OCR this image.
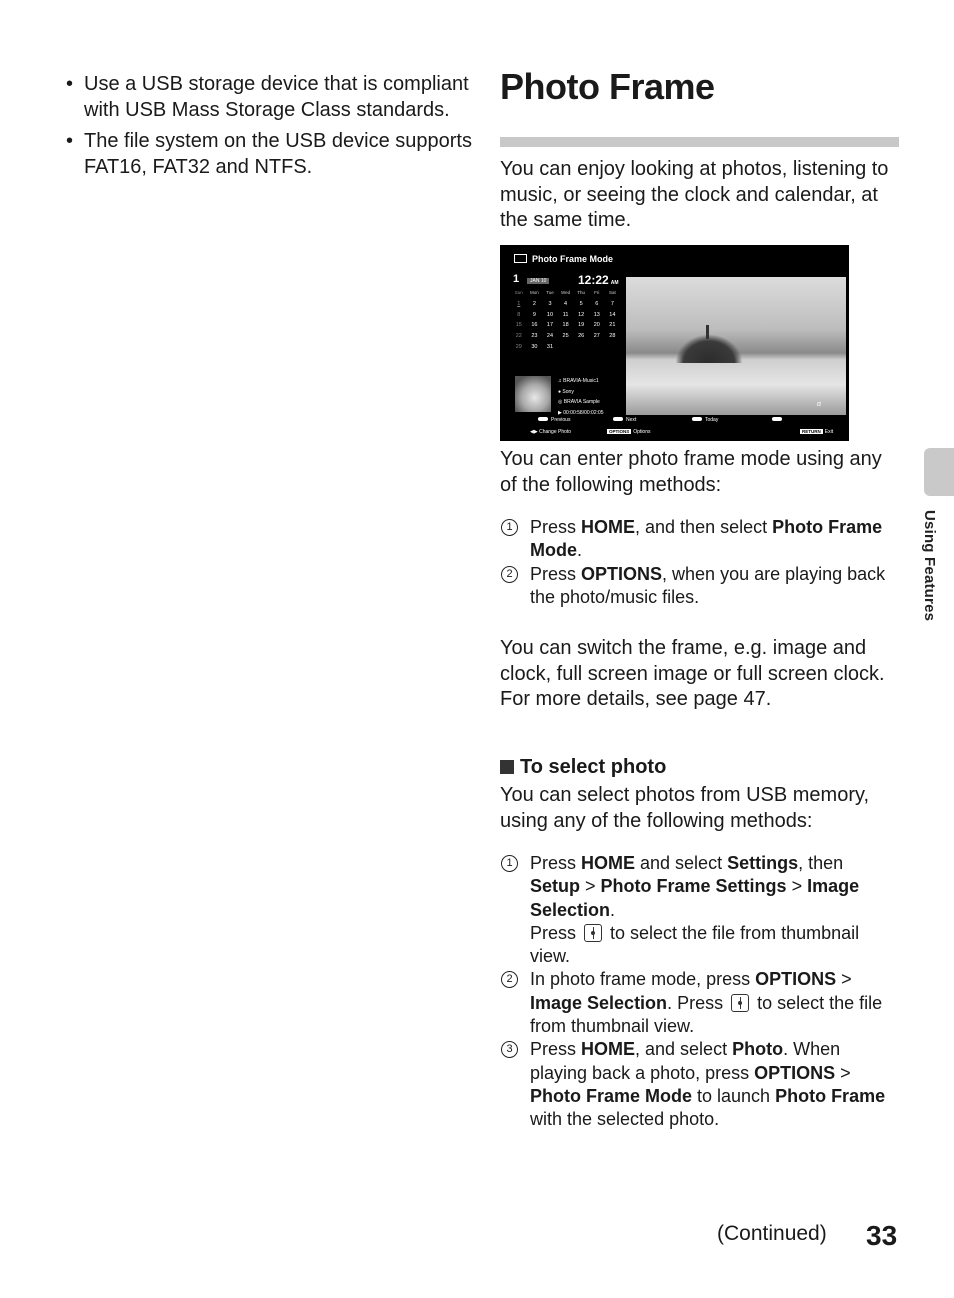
• Use a USB storage device that is compliant with USB Mass Storage Class standards.
• The file system on the USB device supports FAT16, FAT32 and NTFS.
Photo Frame
You can enjoy looking at photos, listening to music, or seeing the clock and calendar, at the same time.
Photo Frame Mode
1	JAN 10	12:22 AM
Sun	Mon	Tue	Wed	Thu	Fri	Sat
1	2	3	4	5	6	7
8	9	10	11	12	13	14
15	16	17	18	19	20	21
22	23	24	25	26	27	28
29	30	31
♫ BRAVIA-Music1
● Sony
◎ BRAVIA Sample
▶ 00:00:58/00:02:05
Previous	Next	Today
α
◀▶ Change Photo	OPTIONS Options	RETURN Exit
You can enter photo frame mode using any of the following methods:
1 Press HOME, and then select Photo Frame Mode.
2 Press OPTIONS, when you are playing back the photo/music files.
You can switch the frame, e.g. image and clock, full screen image or full screen clock.
For more details, see page 47.
To select photo
You can select photos from USB memory, using any of the following methods:
1 Press HOME and select Settings, then Setup > Photo Frame Settings > Image Selection.
Press  to select the file from thumbnail view.
2 In photo frame mode, press OPTIONS > Image Selection. Press  to select the file from thumbnail view.
3 Press HOME, and select Photo. When playing back a photo, press OPTIONS > Photo Frame Mode to launch Photo Frame with the selected photo.
Using Features
(Continued) 33
